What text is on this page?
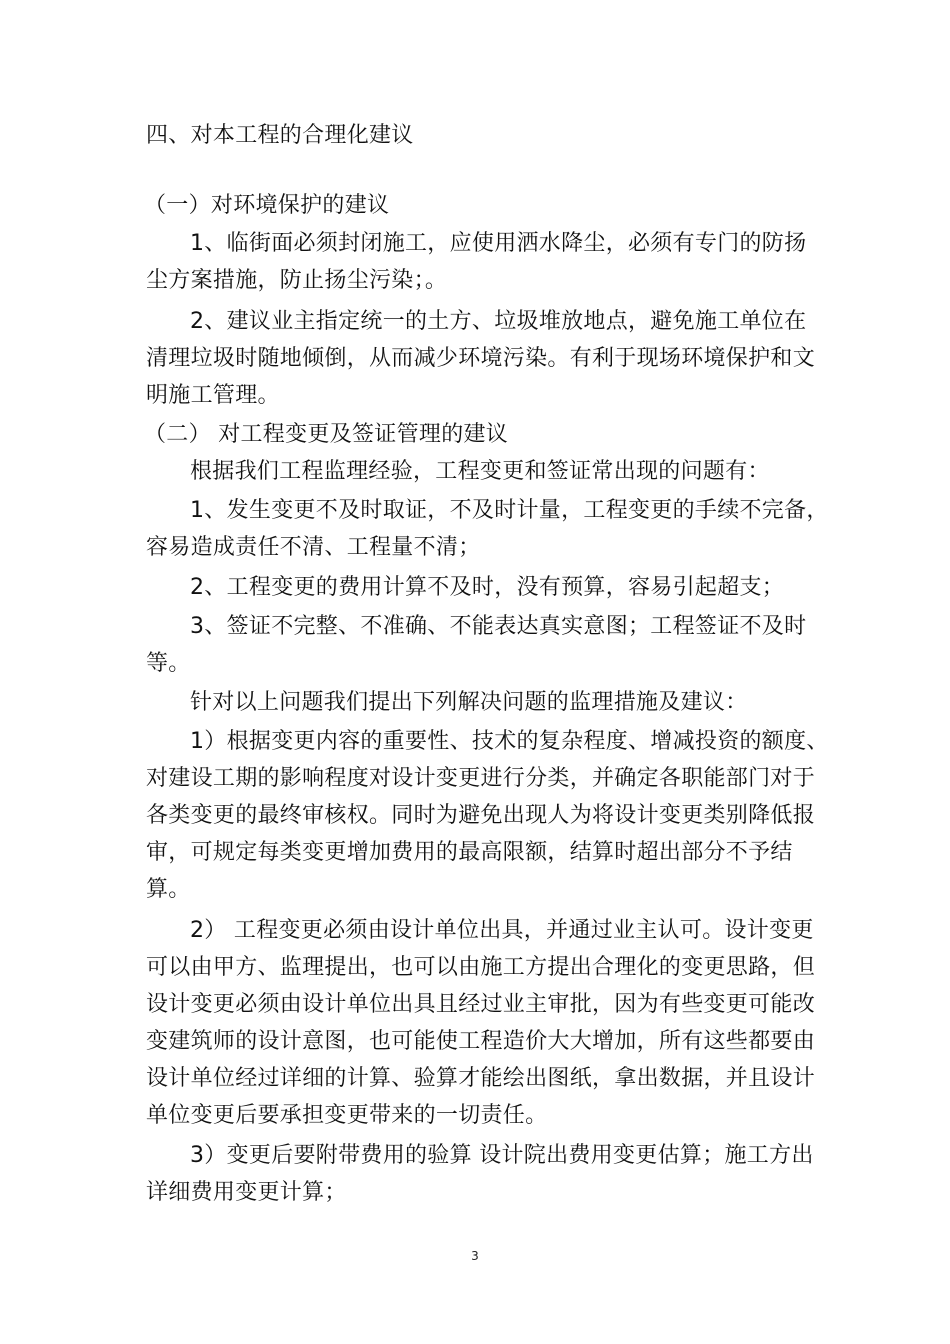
四、对本工程的合理化建议
（一）对环境保护的建议
1、临街面必须封闭施工，应使用洒水降尘，必须有专门的防扬
尘方案措施，防止扬尘污染；。
2、建议业主指定统一的土方、垃圾堆放地点，避免施工单位在
清理垃圾时随地倾倒，从而减少环境污染。有利于现场环境保护和文
明施工管理。
（二） 对工程变更及签证管理的建议
根据我们工程监理经验，工程变更和签证常出现的问题有：
1、发生变更不及时取证，不及时计量，工程变更的手续不完备，
容易造成责任不清、工程量不清；
2、工程变更的费用计算不及时，没有预算，容易引起超支；
3、签证不完整、不准确、不能表达真实意图；工程签证不及时
等。
针对以上问题我们提出下列解决问题的监理措施及建议：
1）根据变更内容的重要性、技术的复杂程度、增减投资的额度、
对建设工期的影响程度对设计变更进行分类，并确定各职能部门对于
各类变更的最终审核权。同时为避免出现人为将设计变更类别降低报
审，可规定每类变更增加费用的最高限额，结算时超出部分不予结
算。
2） 工程变更必须由设计单位出具，并通过业主认可。设计变更
可以由甲方、监理提出，也可以由施工方提出合理化的变更思路，但
设计变更必须由设计单位出具且经过业主审批，因为有些变更可能改
变建筑师的设计意图，也可能使工程造价大大增加，所有这些都要由
设计单位经过详细的计算、验算才能绘出图纸，拿出数据，并且设计
单位变更后要承担变更带来的一切责任。
3）变更后要附带费用的验算 设计院出费用变更估算；施工方出
详细费用变更计算；
3
